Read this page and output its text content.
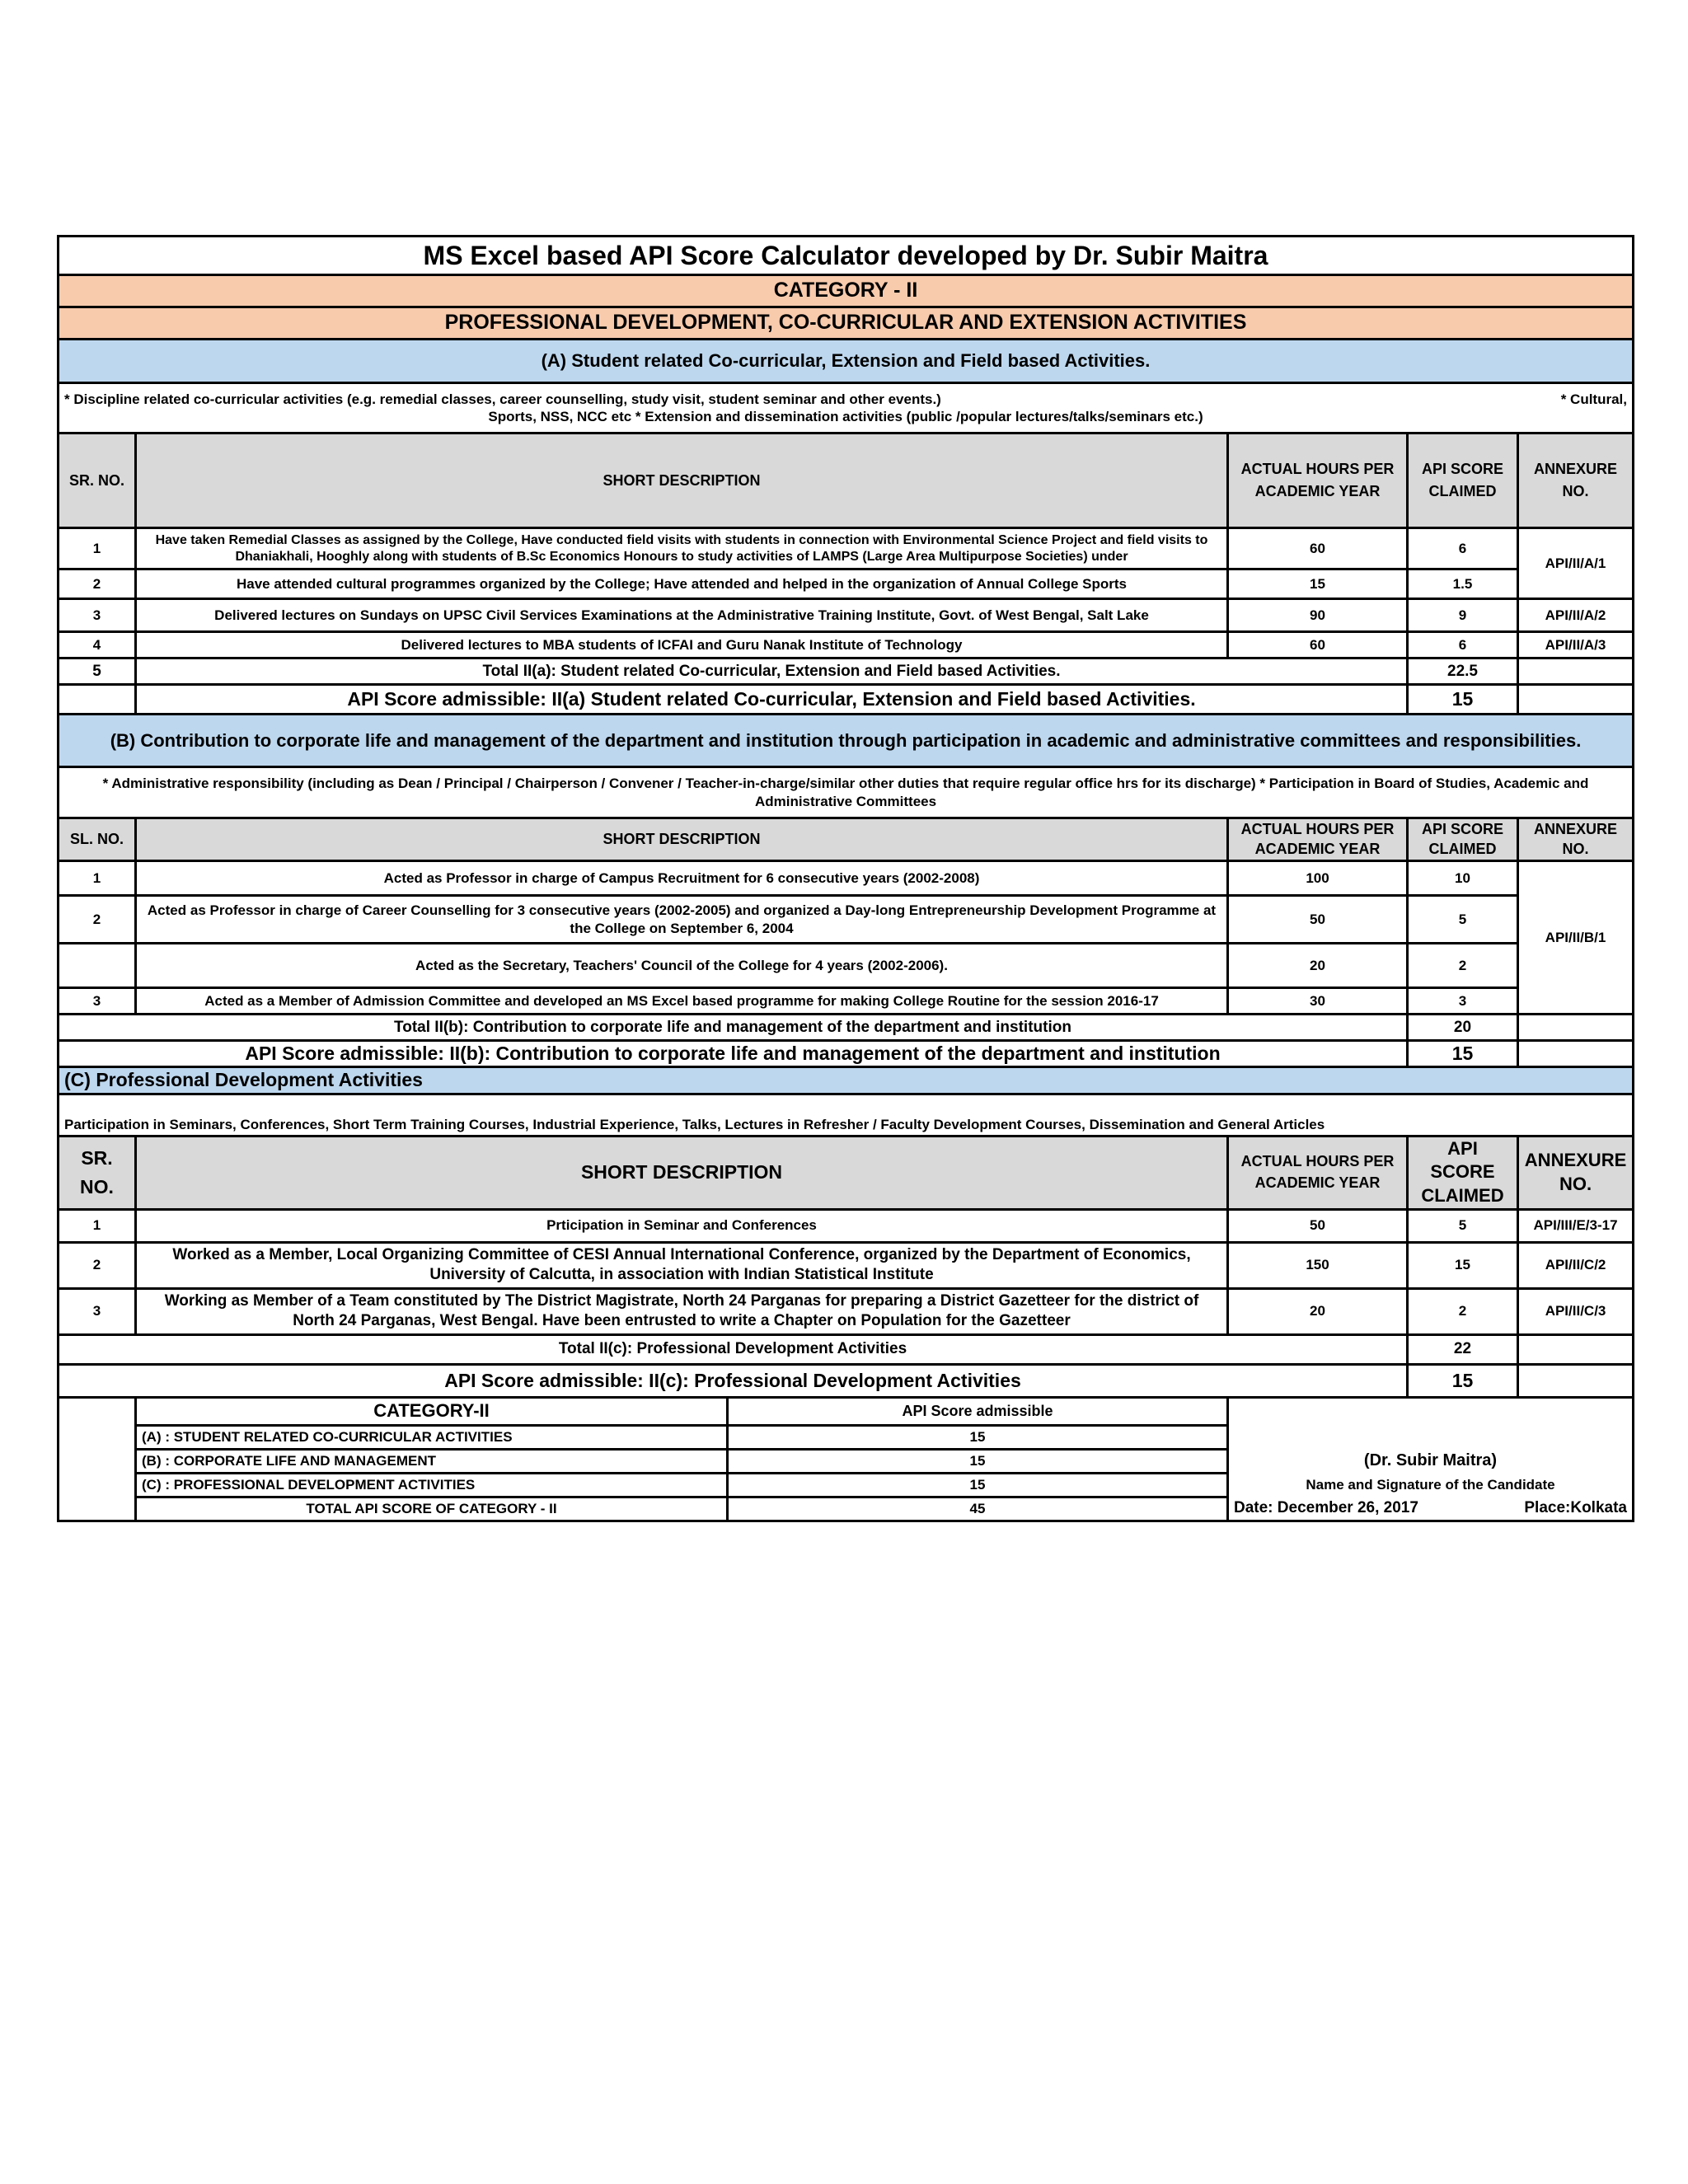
MS Excel based API Score Calculator developed by Dr. Subir Maitra				
CATEGORY - II				
PROFESSIONAL DEVELOPMENT, CO-CURRICULAR AND EXTENSION ACTIVITIES				
(A) Student related Co-curricular, Extension and Field based Activities.				

* Discipline related co-curricular activities (e.g. remedial classes, career counselling, study visit, student seminar and other events.) * Cultural,
Sports, NSS, NCC etc * Extension and dissemination activities (public /popular lectures/talks/seminars etc.)				

SR. NO.	SHORT DESCRIPTION	ACTUAL HOURS PER ACADEMIC YEAR	API SCORE CLAIMED	ANNEXURE NO.
1	Have taken Remedial Classes as assigned by the College, Have conducted field visits with students in connection with Environmental Science Project and field visits to Dhaniakhali, Hooghly along with students of B.Sc Economics Honours to study activities of LAMPS (Large Area Multipurpose Societies) under	60	6	API/II/A/1
2	Have attended cultural programmes organized by the College; Have attended and helped in the organization of Annual College Sports	15	1.5	
3	Delivered lectures on Sundays on UPSC Civil Services Examinations at the Administrative Training Institute, Govt. of West Bengal, Salt Lake	90	9	API/II/A/2
4	Delivered lectures to MBA students of ICFAI and Guru Nanak Institute of Technology	60	6	API/II/A/3
5	Total II(a): Student related Co-curricular, Extension and Field based Activities.		22.5	
	API Score admissible: II(a) Student related Co-curricular, Extension and Field based Activities.		15	
(B) Contribution to corporate life and management of the department and institution through participation in academic and administrative committees and responsibilities.				
* Administrative responsibility (including as Dean / Principal / Chairperson / Convener / Teacher-in-charge/similar other duties that require regular office hrs for its discharge) * Participation in Board of Studies, Academic and Administrative Committees				
SL. NO.	SHORT DESCRIPTION	ACTUAL HOURS PER ACADEMIC YEAR	API SCORE CLAIMED	ANNEXURE NO.
1	Acted as Professor in charge of Campus Recruitment for 6 consecutive years (2002-2008)	100	10	API/II/B/1
2	Acted as Professor in charge of Career Counselling for 3 consecutive years (2002-2005) and organized a Day-long Entrepreneurship Development Programme at the College on September 6, 2004	50	5	
	Acted as the Secretary, Teachers' Council of the College for 4 years (2002-2006).	20	2	
3	Acted as a Member of Admission Committee and developed an MS Excel based programme for making College Routine for the session 2016-17	30	3	
Total II(b): Contribution to corporate life and management of the department and institution			20	
API Score admissible: II(b): Contribution to corporate life and management of the department and institution			15	
(C) Professional Development Activities				
Participation in Seminars, Conferences, Short Term Training Courses, Industrial Experience, Talks, Lectures in Refresher / Faculty Development Courses, Dissemination and General Articles				
SR. NO.	SHORT DESCRIPTION	ACTUAL HOURS PER ACADEMIC YEAR	API SCORE CLAIMED	ANNEXURE NO.
1	Prticipation in Seminar and Conferences	50	5	API/III/E/3-17
2	Worked as a Member, Local Organizing Committee of CESI Annual International Conference, organized by the Department of Economics, University of Calcutta, in association with Indian Statistical Institute	150	15	API/II/C/2
3	Working as Member of a Team constituted by The District Magistrate, North 24 Parganas for preparing a District Gazetteer for the district of North 24 Parganas, West Bengal. Have been entrusted to write a Chapter on Population for the Gazetteer	20	2	API/II/C/3
Total II(c): Professional Development Activities			22	
API Score admissible: II(c): Professional Development Activities			15	
	CATEGORY-II	API Score admissible	
	(A) : STUDENT RELATED CO-CURRICULAR ACTIVITIES	15	
	(B) : CORPORATE LIFE AND MANAGEMENT	15	(Dr. Subir Maitra)
	(C) : PROFESSIONAL DEVELOPMENT ACTIVITIES	15	Name and Signature of the Candidate
	TOTAL API SCORE OF CATEGORY - II	45	Date: December 26, 2017 Place:Kolkata
